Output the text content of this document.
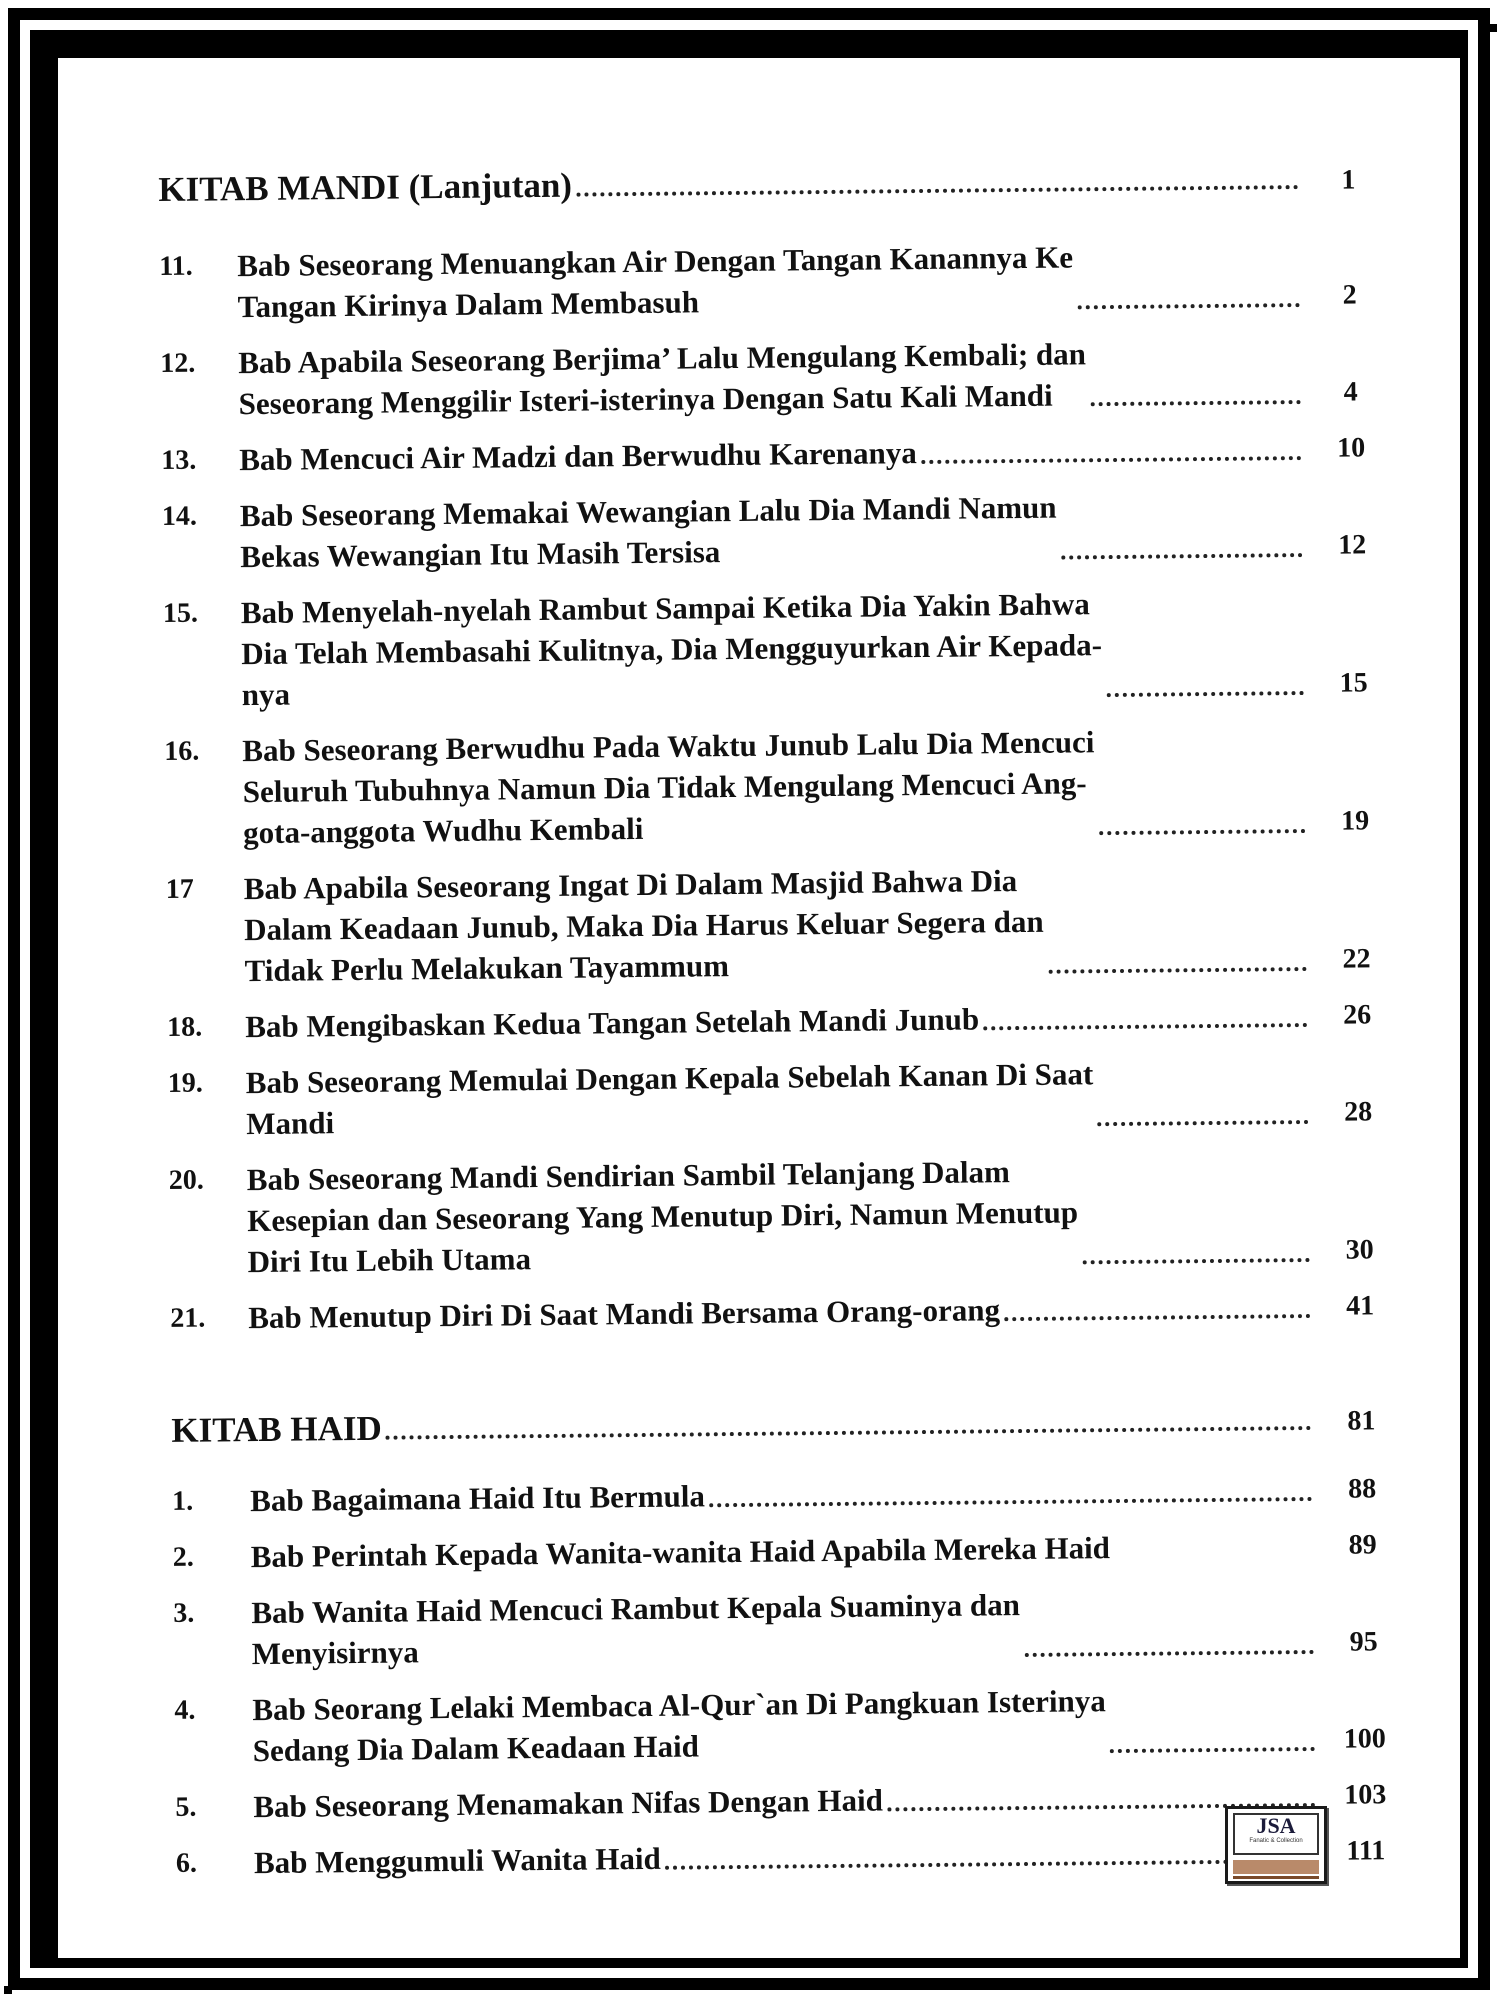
KITAB MANDI (Lanjutan)	1
11.	Bab Seseorang Menuangkan Air Dengan Tangan Kanannya Ke
Tangan Kirinya Dalam Membasuh	2
12.	Bab Apabila Seseorang Berjima’ Lalu Mengulang Kembali; dan
Seseorang Menggilir Isteri-isterinya Dengan Satu Kali Mandi	4
13.	Bab Mencuci Air Madzi dan Berwudhu Karenanya	10
14.	Bab Seseorang Memakai Wewangian Lalu Dia Mandi Namun
Bekas Wewangian Itu Masih Tersisa	12
15.	Bab Menyelah-nyelah Rambut Sampai Ketika Dia Yakin Bahwa
Dia Telah Membasahi Kulitnya, Dia Mengguyurkan Air Kepada-
nya	15
16.	Bab Seseorang Berwudhu Pada Waktu Junub Lalu Dia Mencuci
Seluruh Tubuhnya Namun Dia Tidak Mengulang Mencuci Ang-
gota-anggota Wudhu Kembali	19
17	Bab Apabila Seseorang Ingat Di Dalam Masjid Bahwa Dia
Dalam Keadaan Junub, Maka Dia Harus Keluar Segera dan
Tidak Perlu Melakukan Tayammum	22
18.	Bab Mengibaskan Kedua Tangan Setelah Mandi Junub	26
19.	Bab Seseorang Memulai Dengan Kepala Sebelah Kanan Di Saat
Mandi	28
20.	Bab Seseorang Mandi Sendirian Sambil Telanjang Dalam
Kesepian dan Seseorang Yang Menutup Diri, Namun Menutup
Diri Itu Lebih Utama	30
21.	Bab Menutup Diri Di Saat Mandi Bersama Orang-orang	41
KITAB HAID	81
1.	Bab Bagaimana Haid Itu Bermula	88
2.	Bab Perintah Kepada Wanita-wanita Haid Apabila Mereka Haid	89
3.	Bab Wanita Haid Mencuci Rambut Kepala Suaminya dan
Menyisirnya	95
4.	Bab Seorang Lelaki Membaca Al-Qur`an Di Pangkuan Isterinya
Sedang Dia Dalam Keadaan Haid	100
5.	Bab Seseorang Menamakan Nifas Dengan Haid	103
6.	Bab Menggumuli Wanita Haid	111
JSA
Fanatic & Collection
